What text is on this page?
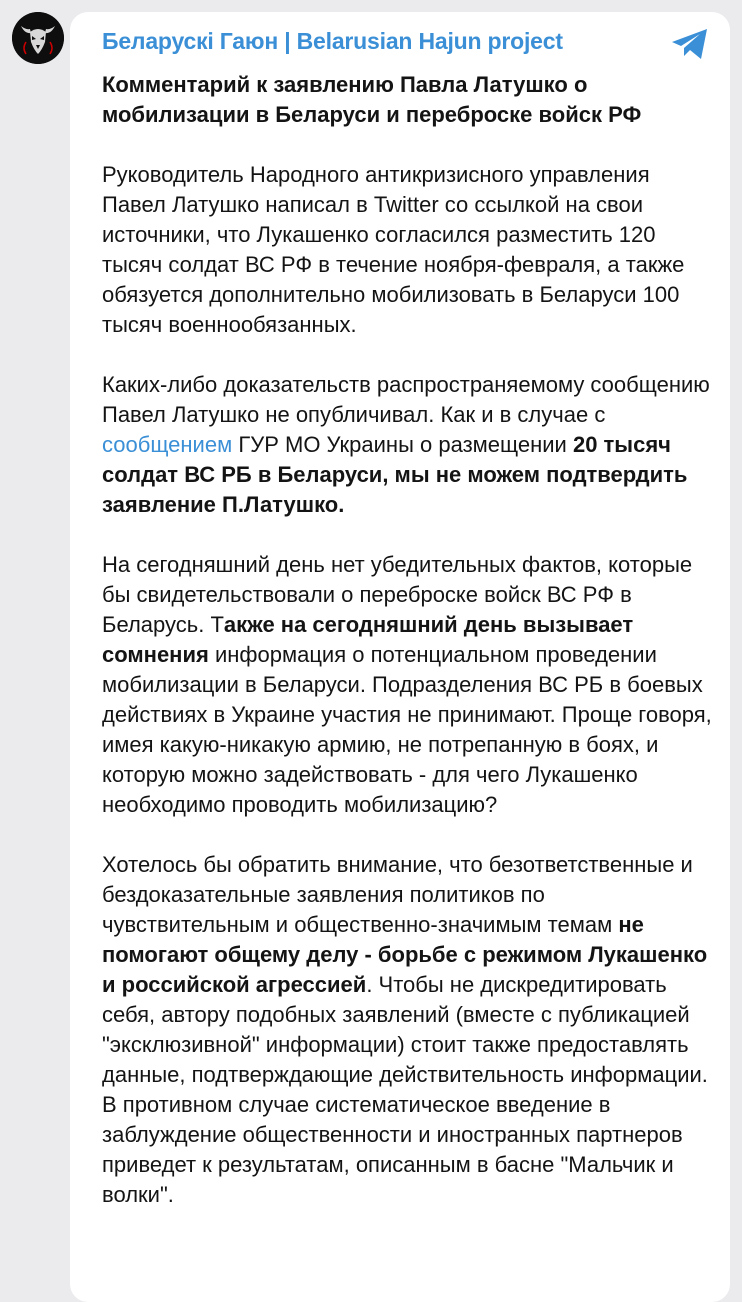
Беларускі Гаюн | Belarusian Hajun project

Комментарий к заявлению Павла Латушко о мобилизации в Беларуси и переброске войск РФ

Руководитель Народного антикризисного управления Павел Латушко написал в Twitter со ссылкой на свои источники, что Лукашенко согласился разместить 120 тысяч солдат ВС РФ в течение ноября-февраля, а также обязуется дополнительно мобилизовать в Беларуси 100 тысяч военнообязанных.

Каких-либо доказательств распространяемому сообщению Павел Латушко не опубличивал. Как и в случае с сообщением ГУР МО Украины о размещении 20 тысяч солдат ВС РБ в Беларуси, мы не можем подтвердить заявление П.Латушко.

На сегодняшний день нет убедительных фактов, которые бы свидетельствовали о переброске войск ВС РФ в Беларусь. Также на сегодняшний день вызывает сомнения информация о потенциальном проведении мобилизации в Беларуси. Подразделения ВС РБ в боевых действиях в Украине участия не принимают. Проще говоря, имея какую-никакую армию, не потрепанную в боях, и которую можно задействовать - для чего Лукашенко необходимо проводить мобилизацию?

Хотелось бы обратить внимание, что безответственные и бездоказательные заявления политиков по чувствительным и общественно-значимым темам не помогают общему делу - борьбе с режимом Лукашенко и российской агрессией. Чтобы не дискредитировать себя, автору подобных заявлений (вместе с публикацией "эксклюзивной" информации) стоит также предоставлять данные, подтверждающие действительность информации. В противном случае систематическое введение в заблуждение общественности и иностранных партнеров приведет к результатам, описанным в басне "Мальчик и волки".
